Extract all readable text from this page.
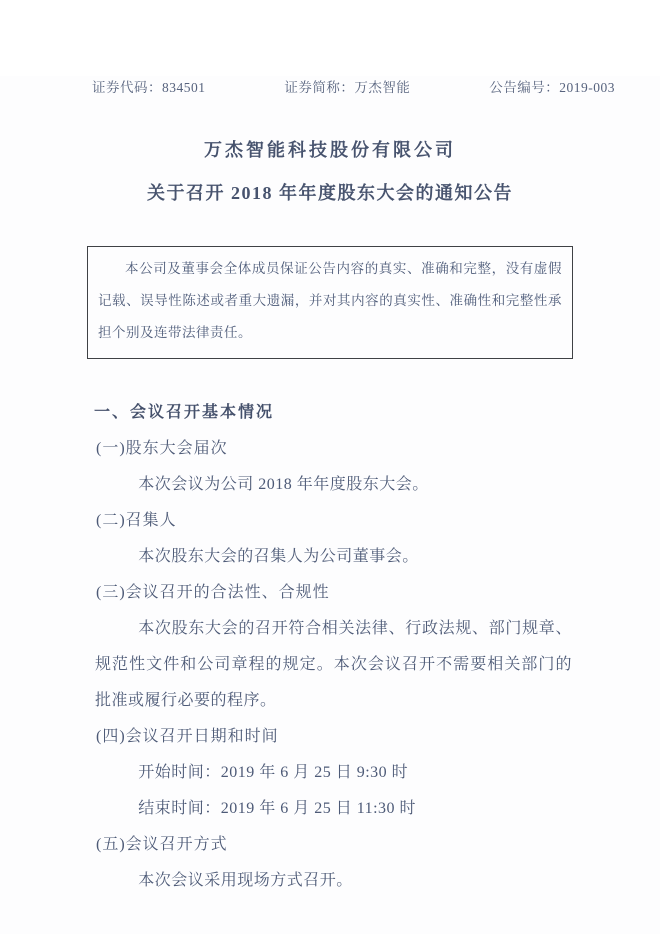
证券代码：834501	证券简称：万杰智能	公告编号：2019-003
万杰智能科技股份有限公司
关于召开 2018 年年度股东大会的通知公告
本公司及董事会全体成员保证公告内容的真实、准确和完整，没有虚假记载、误导性陈述或者重大遗漏，并对其内容的真实性、准确性和完整性承担个别及连带法律责任。
一、会议召开基本情况
(一)股东大会届次
本次会议为公司 2018 年年度股东大会。
(二)召集人
本次股东大会的召集人为公司董事会。
(三)会议召开的合法性、合规性
本次股东大会的召开符合相关法律、行政法规、部门规章、规范性文件和公司章程的规定。本次会议召开不需要相关部门的批准或履行必要的程序。
(四)会议召开日期和时间
开始时间：2019 年 6 月 25 日 9:30 时
结束时间：2019 年 6 月 25 日 11:30 时
(五)会议召开方式
本次会议采用现场方式召开。
